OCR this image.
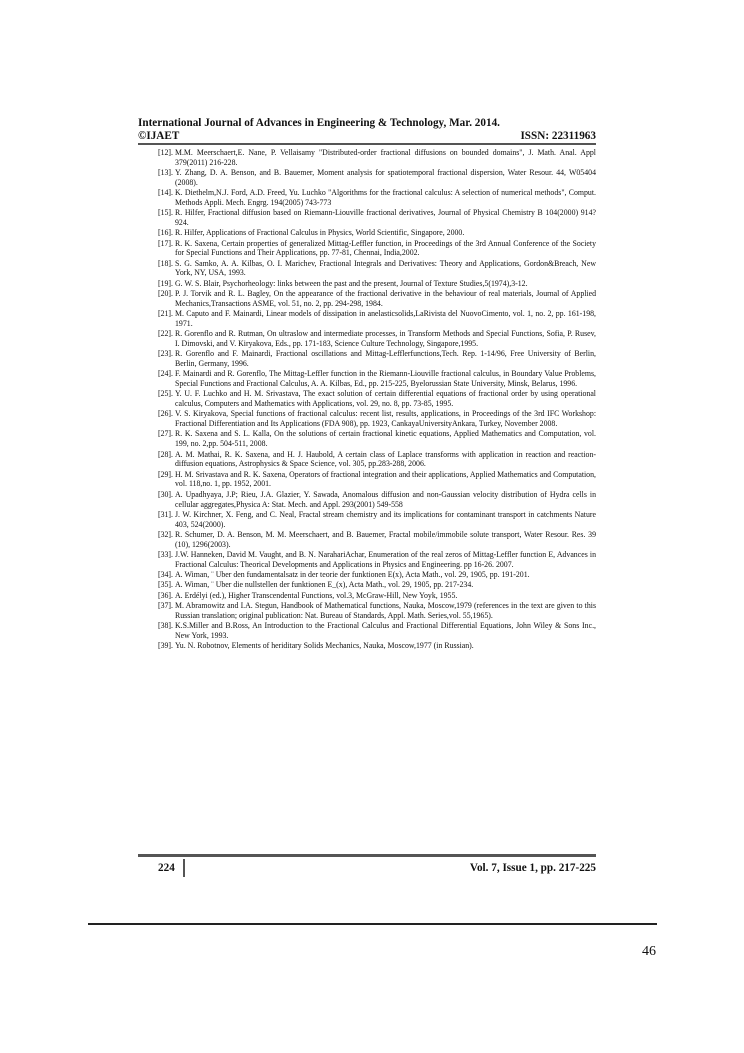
International Journal of Advances in Engineering & Technology, Mar. 2014.
©IJAET	ISSN: 22311963
[12]. M.M. Meerschaert,E. Nane, P. Vellaisamy "Distributed-order fractional diffusions on bounded domains", J. Math. Anal. Appl 379(2011) 216-228.
[13]. Y. Zhang, D. A. Benson, and B. Bauemer, Moment analysis for spatiotemporal fractional dispersion, Water Resour. 44, W05404 (2008).
[14]. K. Diethelm,N.J. Ford, A.D. Freed, Yu. Luchko "Algorithms for the fractional calculus: A selection of numerical methods", Comput. Methods Appli. Mech. Engrg. 194(2005) 743-773
[15]. R. Hilfer, Fractional diffusion based on Riemann-Liouville fractional derivatives, Journal of Physical Chemistry B 104(2000) 914?924.
[16]. R. Hilfer, Applications of Fractional Calculus in Physics, World Scientific, Singapore, 2000.
[17]. R. K. Saxena, Certain properties of generalized Mittag-Leffler function, in Proceedings of the 3rd Annual Conference of the Society for Special Functions and Their Applications, pp. 77-81, Chennai, India,2002.
[18]. S. G. Samko, A. A. Kilbas, O. I. Marichev, Fractional Integrals and Derivatives: Theory and Applications, Gordon&Breach, New York, NY, USA, 1993.
[19]. G. W. S. Blair, Psychorheology: links between the past and the present, Journal of Texture Studies,5(1974),3-12.
[20]. P. J. Torvik and R. L. Bagley, On the appearance of the fractional derivative in the behaviour of real materials, Journal of Applied Mechanics,Transactions ASME, vol. 51, no. 2, pp. 294-298, 1984.
[21]. M. Caputo and F. Mainardi, Linear models of dissipation in anelasticsolids,LaRivista del NuovoCimento, vol. 1, no. 2, pp. 161-198, 1971.
[22]. R. Gorenflo and R. Rutman, On ultraslow and intermediate processes, in Transform Methods and Special Functions, Sofia, P. Rusev, I. Dimovski, and V. Kiryakova, Eds., pp. 171-183, Science Culture Technology, Singapore,1995.
[23]. R. Gorenflo and F. Mainardi, Fractional oscillations and Mittag-Lefflerfunctions,Tech. Rep. 1-14/96, Free University of Berlin, Berlin, Germany, 1996.
[24]. F. Mainardi and R. Gorenflo, The Mittag-Leffler function in the Riemann-Liouville fractional calculus, in Boundary Value Problems, Special Functions and Fractional Calculus, A. A. Kilbas, Ed., pp. 215-225, Byelorussian State University, Minsk, Belarus, 1996.
[25]. Y. U. F. Luchko and H. M. Srivastava, The exact solution of certain differential equations of fractional order by using operational calculus, Computers and Mathematics with Applications, vol. 29, no. 8, pp. 73-85, 1995.
[26]. V. S. Kiryakova, Special functions of fractional calculus: recent list, results, applications, in Proceedings of the 3rd IFC Workshop: Fractional Differentiation and Its Applications (FDA 908), pp. 1923, CankayaUniversityAnkara, Turkey, November 2008.
[27]. R. K. Saxena and S. L. Kalla, On the solutions of certain fractional kinetic equations, Applied Mathematics and Computation, vol. 199, no. 2,pp. 504-511, 2008.
[28]. A. M. Mathai, R. K. Saxena, and H. J. Haubold, A certain class of Laplace transforms with application in reaction and reaction-diffusion equations, Astrophysics & Space Science, vol. 305, pp.283-288, 2006.
[29]. H. M. Srivastava and R. K. Saxena, Operators of fractional integration and their applications, Applied Mathematics and Computation, vol. 118,no. 1, pp. 1952, 2001.
[30]. A. Upadhyaya, J.P; Rieu, J.A. Glazier, Y. Sawada, Anomalous diffusion and non-Gaussian velocity distribution of Hydra cells in cellular aggregates,Physica A: Stat. Mech. and Appl. 293(2001) 549-558
[31]. J. W. Kirchner, X. Feng, and C. Neal, Fractal stream chemistry and its implications for contaminant transport in catchments Nature 403, 524(2000).
[32]. R. Schumer, D. A. Benson, M. M. Meerschaert, and B. Bauemer, Fractal mobile/immobile solute transport, Water Resour. Res. 39 (10), 1296(2003).
[33]. J.W. Hanneken, David M. Vaught, and B. N. NarahariAchar, Enumeration of the real zeros of Mittag-Leffler function E, Advances in Fractional Calculus: Theorical Developments and Applications in Physics and Engineering. pp 16-26. 2007.
[34]. A. Wiman, ¨ Uber den fundamentalsatz in der teorie der funktionen E(x), Acta Math., vol. 29, 1905, pp. 191-201.
[35]. A. Wiman, ¨ Uber die nullstellen der funktionen E_(x), Acta Math., vol. 29, 1905, pp. 217-234.
[36]. A. Erdélyi (ed.), Higher Transcendental Functions, vol.3, McGraw-Hill, New Yoyk, 1955.
[37]. M. Abramowitz and I.A. Stegun, Handbook of Mathematical functions, Nauka, Moscow,1979 (references in the text are given to this Russian translation; original publication: Nat. Bureau of Standards, Appl. Math. Series,vol. 55,1965).
[38]. K.S.Miller and B.Ross, An Introduction to the Fractional Calculus and Fractional Differential Equations, John Wiley & Sons Inc., New York, 1993.
[39]. Yu. N. Robotnov, Elements of heriditary Solids Mechanics, Nauka, Moscow,1977 (in Russian).
224	Vol. 7, Issue 1, pp. 217-225
46
